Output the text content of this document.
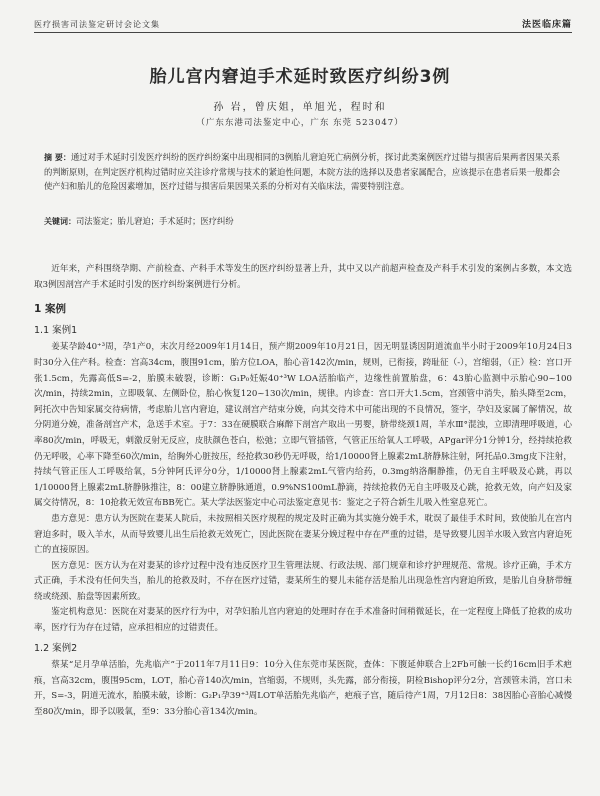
医疗损害司法鉴定研讨会论文集	法医临床篇
胎儿宫内窘迫手术延时致医疗纠纷3例
孙 岩，曾庆姐，单旭光，程时和
（广东东港司法鉴定中心，广东 东莞 523047）
摘 要：通过对手术延时引发医疗纠纷的医疗纠纷案中出现相同的3例胎儿窘迫死亡病例分析，探讨此类案例医疗过错与损害后果两者因果关系的判断原则，在判定医疗机构过错时应关注诊疗常规与技术的紧迫性问题，本院方法的选择以及患者家属配合，应该提示在患者后果一般都会使产妇和胎儿的危险因素增加，医疗过错与损害后果因果关系的分析对有关临床法，需要特别注意。
关键词：司法鉴定；胎儿窘迫；手术延时；医疗纠纷

近年来，产科围绕孕期、产前检查、产科手术等发生的医疗纠纷显著上升，其中又以产前超声检查及产科手术引发的案例占多数，本文选取3例因剖宫产手术延时引发的医疗纠纷案例进行分析。

1 案例
1.1 案例1

姜某孕龄40⁺³周，孕1产0，末次月经2009年1月14日，预产期2009年10月21日，因无明显诱因阴道流血半小时于2009年10月24日3时30分入住产科。检查：宫高34cm，腹围91cm，胎方位LOA，胎心音142次/min，规则，已衔接，跨耻征（-），宫缩弱，（正）检：宫口开张1.5cm，先露高低S=-2，胎膜未破裂，诊断：G₁P₀妊娠40⁺³W LOA活胎临产，边缘性前置胎盘，6：43胎心监测中示胎心90~100次/min，持续2min，立即吸氧、左侧卧位，胎心恢复120~130次/min，规律。内诊查：宫口开大1.5cm，宫颈管中消失，胎头降至2cm，阿托次中告知家属交待病情，考虑胎儿宫内窘迫，建议剖宫产结束分娩，向其交待术中可能出现的不良情况，签字，孕妇及家属了解情况，故分阴道分娩，准备剖宫产术，急送手术室。于7：33在硬膜联合麻醉下剖宫产取出一男婴，脐带绕颈1周，羊水Ⅲ°混浊，立即清理呼吸道，心率80次/min，呼吸无，刺激反射无反应，皮肤颜色苍白，松弛；立即气管插管，气管正压给氧人工呼吸，APgar评分1分钟1分，经持续抢救仍无呼吸，心率下降至60次/min，给胸外心脏按压，经抢救30秒仍无呼吸，给1/10000肾上腺素2mL脐静脉注射，阿托品0.3mg皮下注射，持续气管正压人工呼吸给氧，5分钟阿氏评分0分，1/10000肾上腺素2mL气管内给药，0.3mg纳洛酮静推，仍无自主呼吸及心跳，再以1/10000肾上腺素2mL脐静脉推注，8：00建立脐静脉通道，0.9%NS100mL静滴，持续抢救仍无自主呼吸及心跳，抢救无效，向产妇及家属交待情况，8：10抢救无效宣布BB死亡。某大学法医鉴定中心司法鉴定意见书：鉴定之子符合新生儿吸入性窒息死亡。

患方意见：患方认为医院在妻某人院后，未按照相关医疗规程的规定及时正确为其实施分娩手术，耽误了最佳手术时间，致使胎儿在宫内窘迫多时，吸入羊水，从而导致婴儿出生后抢救无效死亡，因此医院在妻某分娩过程中存在严重的过错，是导致婴儿因羊水吸入致宫内窘迫死亡的直接原因。

医方意见：医方认为在对妻某的诊疗过程中没有违反医疗卫生管理法规、行政法规、部门规章和诊疗护理规范、常规。诊疗正确，手术方式正确，手术没有任何失当，胎儿的抢救及时，不存在医疗过错，妻某所生的婴儿未能存活是胎儿出现急性宫内窘迫所致，是胎儿自身脐带缠绕或绕颈、胎盘等因素所致。

鉴定机构意见：医院在对妻某的医疗行为中，对孕妇胎儿宫内窘迫的处理时存在手术准备时间稍微延长，在一定程度上降低了抢救的成功率，医疗行为存在过错，应承担相应的过错责任。

1.2 案例2

蔡某“足月孕单活胎，先兆临产”于2011年7月11日9：10分入住东莞市某医院，查体：下腹延伸联合上2Fb可触一长约16cm旧手术疤痕，宫高32cm，腹围95cm，LOT，胎心音140次/min，宫缩弱，不规则，头先露，部分衔接，阴检Bishop评分2分，宫颈管未消，宫口未开，S=-3，阴道无流水，胎膜未破，诊断：G₂P₁孕39⁺³周LOT单活胎先兆临产，疤痕子宫，随后待产1周，7月12日8：38因胎心音胎心减慢至80次/min，即予以吸氧，至9：33分胎心音134次/min。
